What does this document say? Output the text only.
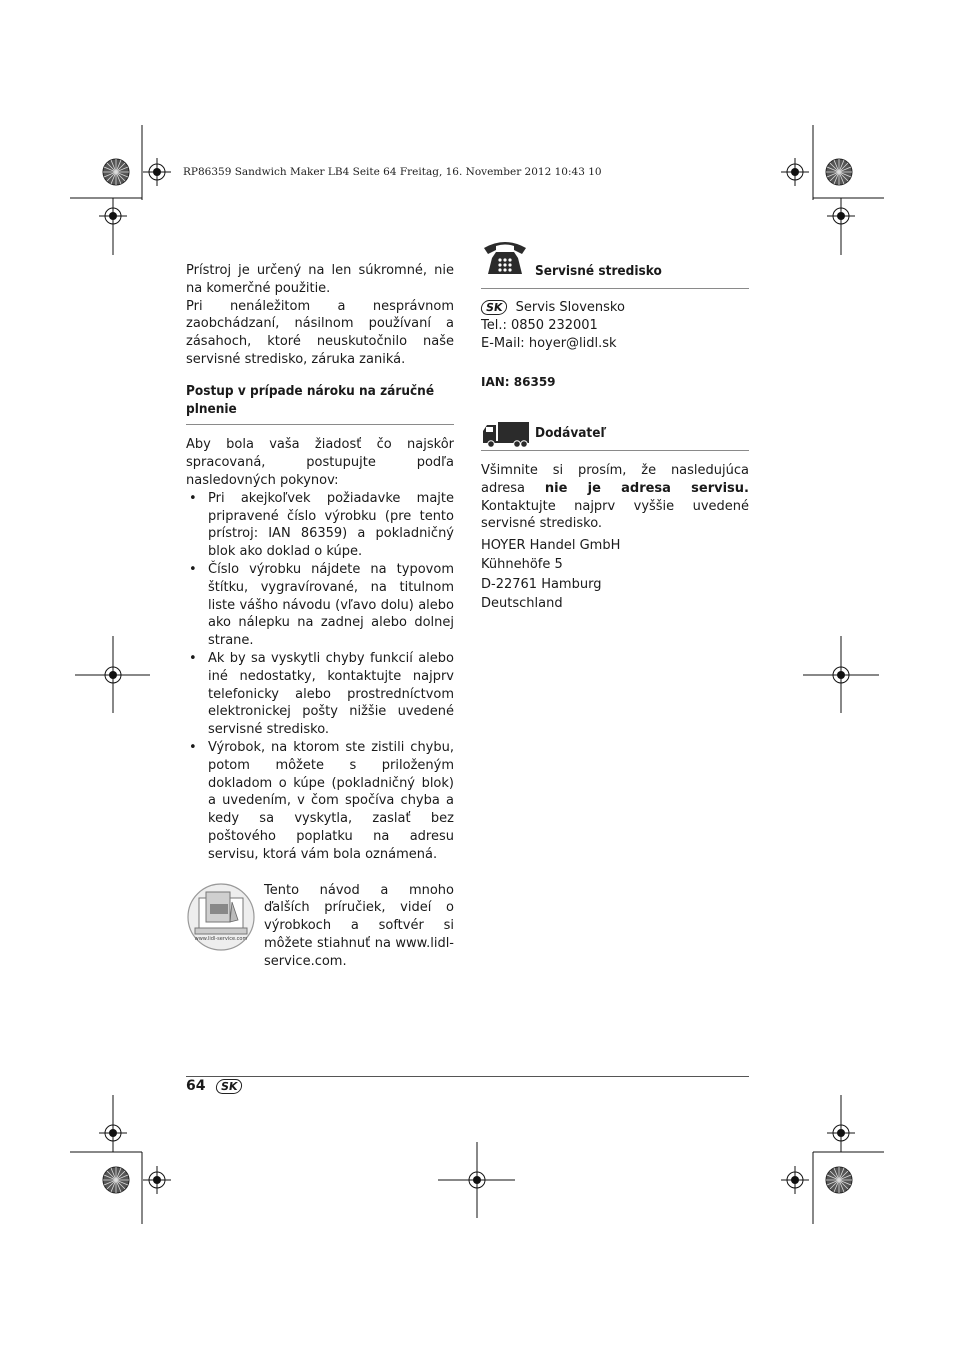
RP86359 Sandwich Maker LB4 Seite 64 Freitag, 16. November 2012 10:43 10

Prístroj je určený na len súkromné, nie na komerčné použitie.

Pri nenáležitom a nesprávnom zaobchádzaní, násilnom používaní a zásahoch, ktoré neuskutočnilo naše servisné stredisko, záruka zaniká.

Postup v prípade nároku na záručné plnenie

Aby bola vaša žiadosť čo najskôr spracovaná, postupujte podľa nasledovných pokynov:

• Pri akejkoľvek požiadavke majte pripravené číslo výrobku (pre tento prístroj: IAN 86359) a pokladničný blok ako doklad o kúpe.
• Číslo výrobku nájdete na typovom štítku, vygravírované, na titulnom liste vášho návodu (vľavo dolu) alebo ako nálepku na zadnej alebo dolnej strane.
• Ak by sa vyskytli chyby funkcií alebo iné nedostatky, kontaktujte najprv telefonicky alebo prostredníctvom elektronickej pošty nižšie uvedené servisné stredisko.
• Výrobok, na ktorom ste zistili chybu, potom môžete s priloženým dokladom o kúpe (pokladničný blok) a uvedením, v čom spočíva chyba a kedy sa vyskytla, zaslať bez poštového poplatku na adresu servisu, ktorá vám bola oznámená.
www.lidl-service.com

Tento návod a mnoho ďalších príručiek, videí o výrobkoch a softvér si môžete stiahnuť na www.lidl-service.com.

Servisné stredisko
SK Servis Slovensko
Tel.: 0850 232001
E-Mail: hoyer@lidl.sk
IAN: 86359
Dodávateľ
Všimnite si prosím, že nasledujúca adresa nie je adresa servisu. Kontaktujte najprv vyššie uvedené servisné stredisko.
HOYER Handel GmbH
Kühnehöfe 5
D-22761 Hamburg
Deutschland
64 SK
